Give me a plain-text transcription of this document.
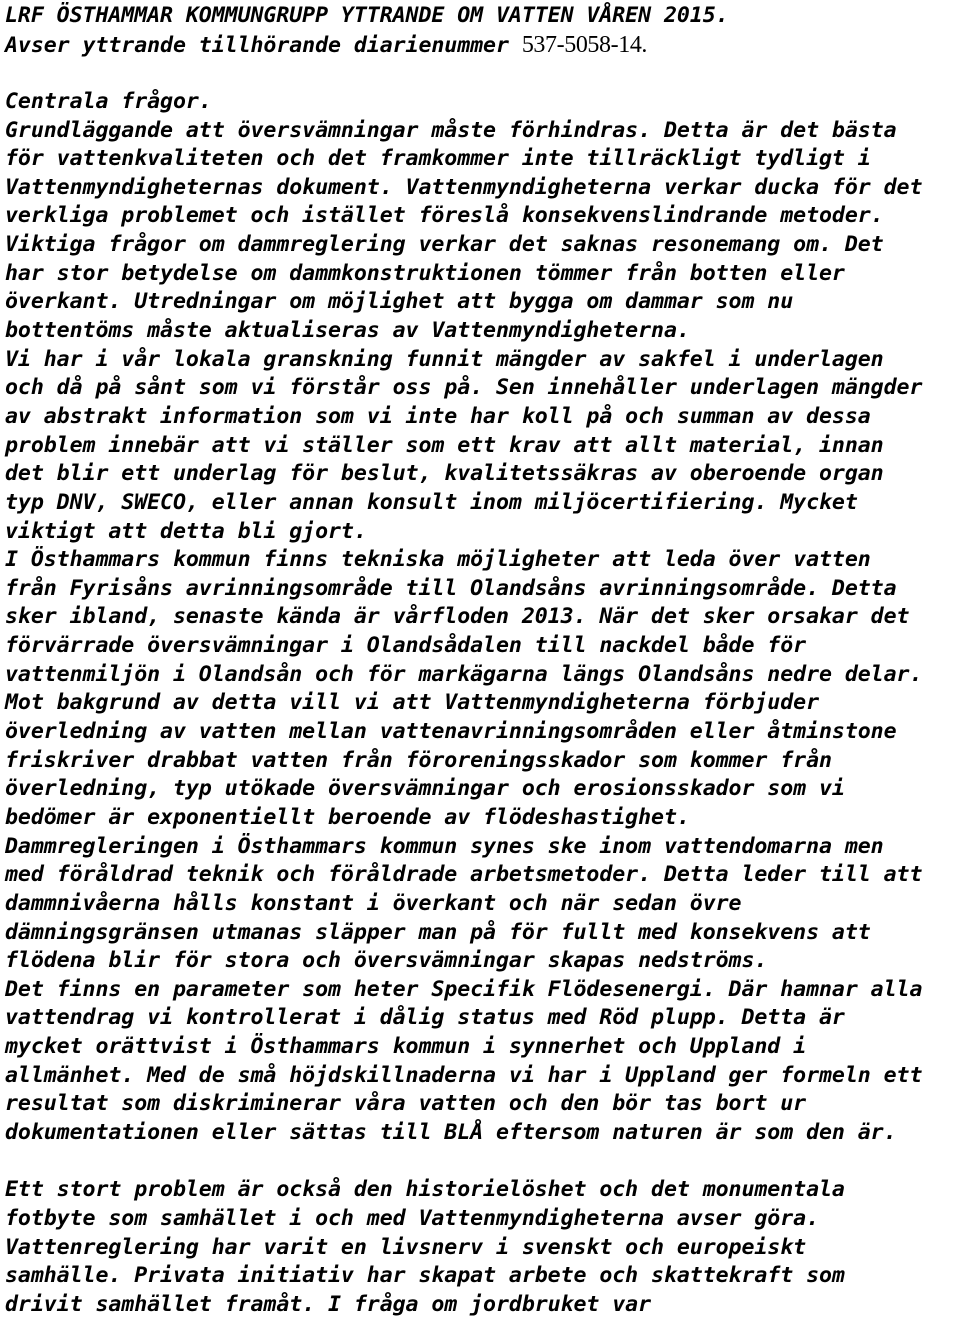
LRF ÖSTHAMMAR KOMMUNGRUPP YTTRANDE OM VATTEN VÅREN 2015.
Avser yttrande tillhörande diarienummer 537-5058-14.
Centrala frågor.
Grundläggande att översvämningar måste förhindras. Detta är det bästa
för vattenkvaliteten och det framkommer inte tillräckligt tydligt i
Vattenmyndigheternas dokument. Vattenmyndigheterna verkar ducka för det
verkliga problemet och istället föreslå konsekvenslindrande metoder.
Viktiga frågor om dammreglering verkar det saknas resonemang om. Det
har stor betydelse om dammkonstruktionen tömmer från botten eller
överkant. Utredningar om möjlighet att bygga om dammar som nu
bottentöms måste aktualiseras av Vattenmyndigheterna.
Vi har i vår lokala granskning funnit mängder av sakfel i underlagen
och då på sånt som vi förstår oss på. Sen innehåller underlagen mängder
av abstrakt information som vi inte har koll på och summan av dessa
problem innebär att vi ställer som ett krav att allt material, innan
det blir ett underlag för beslut, kvalitetssäkras av oberoende organ
typ DNV, SWECO, eller annan konsult inom miljöcertifiering. Mycket
viktigt att detta bli gjort.
I Östhammars kommun finns tekniska möjligheter att leda över vatten
från Fyrisåns avrinningsområde till Olandsåns avrinningsområde. Detta
sker ibland, senaste kända är vårfloden 2013. När det sker orsakar det
förvärrade översvämningar i Olandsådalen till nackdel både för
vattenmiljön i Olandsån och för markägarna längs Olandsåns nedre delar.
Mot bakgrund av detta vill vi att Vattenmyndigheterna förbjuder
överledning av vatten mellan vattenavrinningsområden eller åtminstone
friskriver drabbat vatten från föroreningsskador som kommer från
överledning, typ utökade översvämningar och erosionsskador som vi
bedömer är exponentiellt beroende av flödeshastighet.
Dammregleringen i Östhammars kommun synes ske inom vattendomarna men
med föråldrad teknik och föråldrade arbetsmetoder. Detta leder till att
dammnivåerna hålls konstant i överkant och när sedan övre
dämningsgränsen utmanas släpper man på för fullt med konsekvens att
flödena blir för stora och översvämningar skapas nedströms.
Det finns en parameter som heter Specifik Flödesenergi. Där hamnar alla
vattendrag vi kontrollerat i dålig status med Röd plupp. Detta är
mycket orättvist i Östhammars kommun i synnerhet och Uppland i
allmänhet. Med de små höjdskillnaderna vi har i Uppland ger formeln ett
resultat som diskriminerar våra vatten och den bör tas bort ur
dokumentationen eller sättas till BLÅ eftersom naturen är som den är.
Ett stort problem är också den historielöshet och det monumentala
fotbyte som samhället i och med Vattenmyndigheterna avser göra.
Vattenreglering har varit en livsnerv i svenskt och europeiskt
samhälle. Privata initiativ har skapat arbete och skattekraft som
drivit samhället framåt. I fråga om jordbruket var
